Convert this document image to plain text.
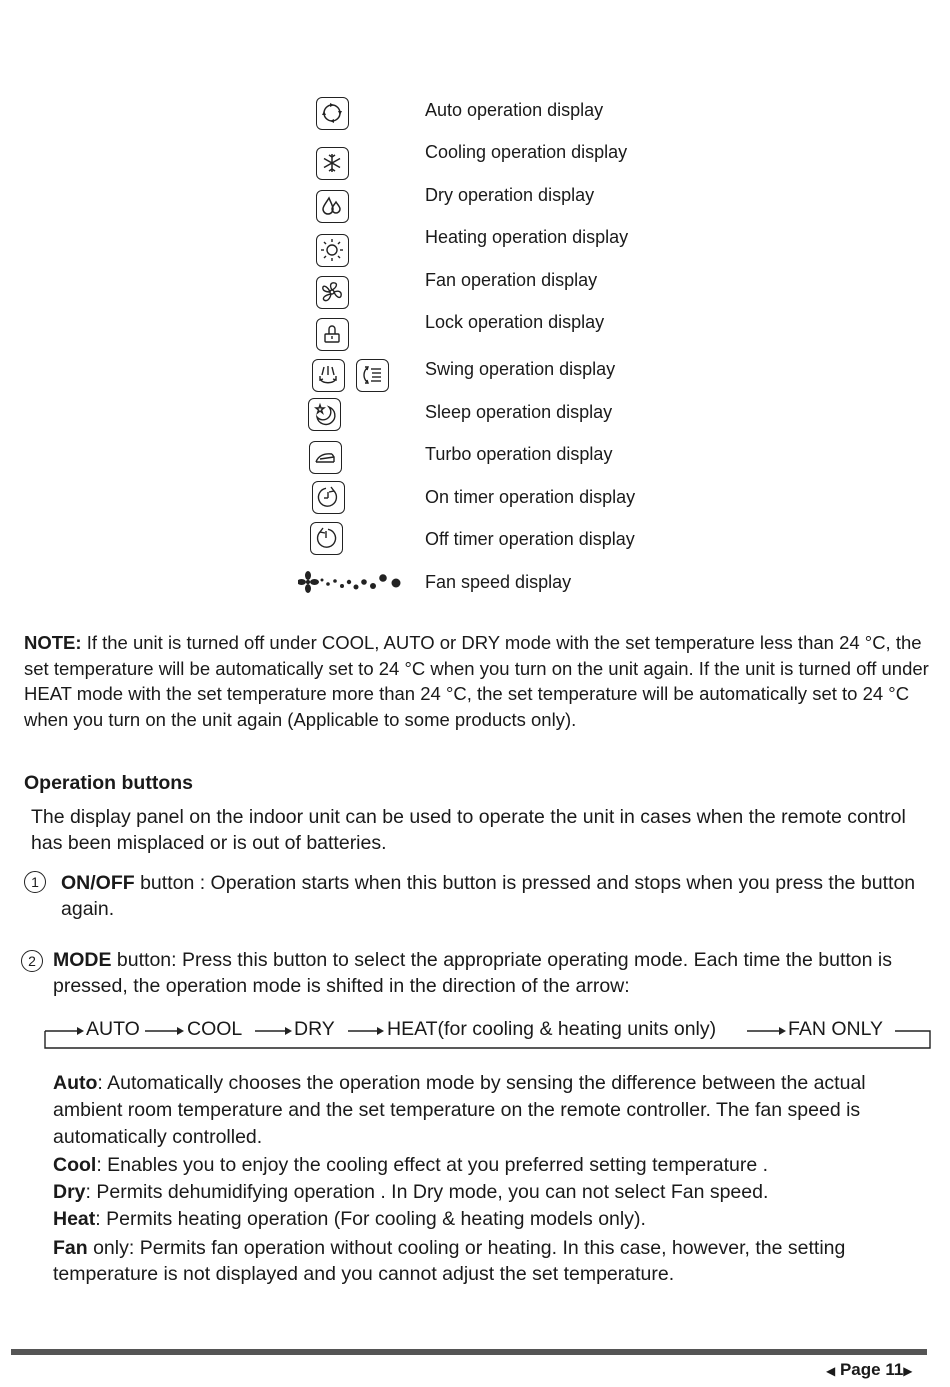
Auto operation display
Cooling operation display
Dry operation display
Heating operation display
Fan operation display
Lock operation display
Swing operation display
Sleep operation display
Turbo operation display
On timer operation display
Off timer operation display
Fan speed display
NOTE: If the unit is turned off under COOL, AUTO or DRY mode with the set temperature less than 24 °C, the set temperature will be automatically set to 24 °C when you turn on the unit again. If the unit is turned off under HEAT mode with the set temperature more than 24 °C, the set temperature will be automatically set to 24 °C when you turn on the unit again (Applicable to some products only).
Operation buttons
The display panel on the indoor unit can be used to operate the unit in cases when the remote control has been misplaced or is out of batteries.
1	ON/OFF button : Operation starts when this button is pressed and stops when you press the button again.
2 MODE button: Press this button to select the appropriate operating mode. Each time the button is pressed, the operation mode is shifted in the direction of the arrow:
AUTO COOL	DRY	HEAT(for cooling & heating units only)	FAN ONLY
Auto: Automatically chooses the operation mode by sensing the difference between the actual ambient room temperature and the set temperature on the remote controller. The fan speed is automatically controlled.
Cool: Enables you to enjoy the cooling effect at you preferred setting temperature .
Dry: Permits dehumidifying operation . In Dry mode, you can not select Fan speed.
Heat: Permits heating operation (For cooling & heating models only).
Fan only: Permits fan operation without cooling or heating. In this case, however, the setting temperature is not displayed and you cannot adjust the set temperature.
◀ Page 11▶
